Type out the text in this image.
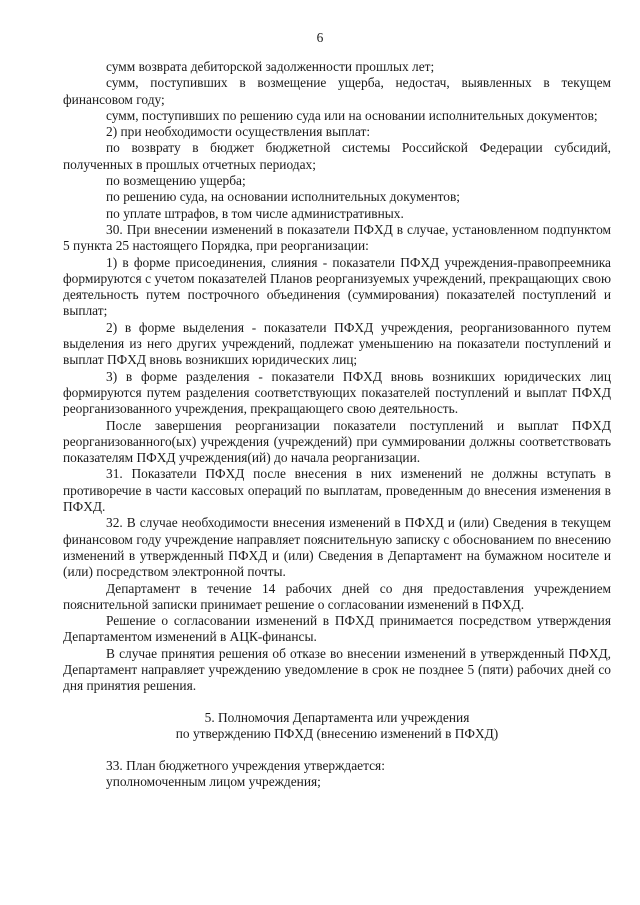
6

сумм возврата дебиторской задолженности прошлых лет;

сумм, поступивших в возмещение ущерба, недостач, выявленных в текущем финансовом году;

сумм, поступивших по решению суда или на основании исполнительных документов;

2) при необходимости осуществления выплат:

по возврату в бюджет бюджетной системы Российской Федерации субсидий, полученных в прошлых отчетных периодах;

по возмещению ущерба;

по решению суда, на основании исполнительных документов;

по уплате штрафов, в том числе административных.

30. При внесении изменений в показатели ПФХД в случае, установленном подпунктом 5 пункта 25 настоящего Порядка, при реорганизации:

1) в форме присоединения, слияния - показатели ПФХД учреждения-правопреемника формируются с учетом показателей Планов реорганизуемых учреждений, прекращающих свою деятельность путем построчного объединения (суммирования) показателей поступлений и выплат;

2) в форме выделения - показатели ПФХД учреждения, реорганизованного путем выделения из него других учреждений, подлежат уменьшению на показатели поступлений и выплат ПФХД вновь возникших юридических лиц;

3) в форме разделения - показатели ПФХД вновь возникших юридических лиц формируются путем разделения соответствующих показателей поступлений и выплат ПФХД реорганизованного учреждения, прекращающего свою деятельность.

После завершения реорганизации показатели поступлений и выплат ПФХД реорганизованного(ых) учреждения (учреждений) при суммировании должны соответствовать показателям ПФХД учреждения(ий) до начала реорганизации.

31. Показатели ПФХД после внесения в них изменений не должны вступать в противоречие в части кассовых операций по выплатам, проведенным до внесения изменения в ПФХД.

32. В случае необходимости внесения изменений в ПФХД и (или) Сведения в текущем финансовом году учреждение направляет пояснительную записку с обоснованием по внесению изменений в утвержденный ПФХД и (или) Сведения в Департамент на бумажном носителе и (или) посредством электронной почты.

Департамент в течение 14 рабочих дней со дня предоставления учреждением пояснительной записки принимает решение о согласовании изменений в ПФХД.

Решение о согласовании изменений в ПФХД принимается посредством утверждения Департаментом изменений в АЦК-финансы.

В случае принятия решения об отказе во внесении изменений в утвержденный ПФХД, Департамент направляет учреждению уведомление в срок не позднее 5 (пяти) рабочих дней со дня принятия решения.

5. Полномочия Департамента или учреждения

по утверждению ПФХД (внесению изменений в ПФХД)

33. План бюджетного учреждения утверждается:

уполномоченным лицом учреждения;
